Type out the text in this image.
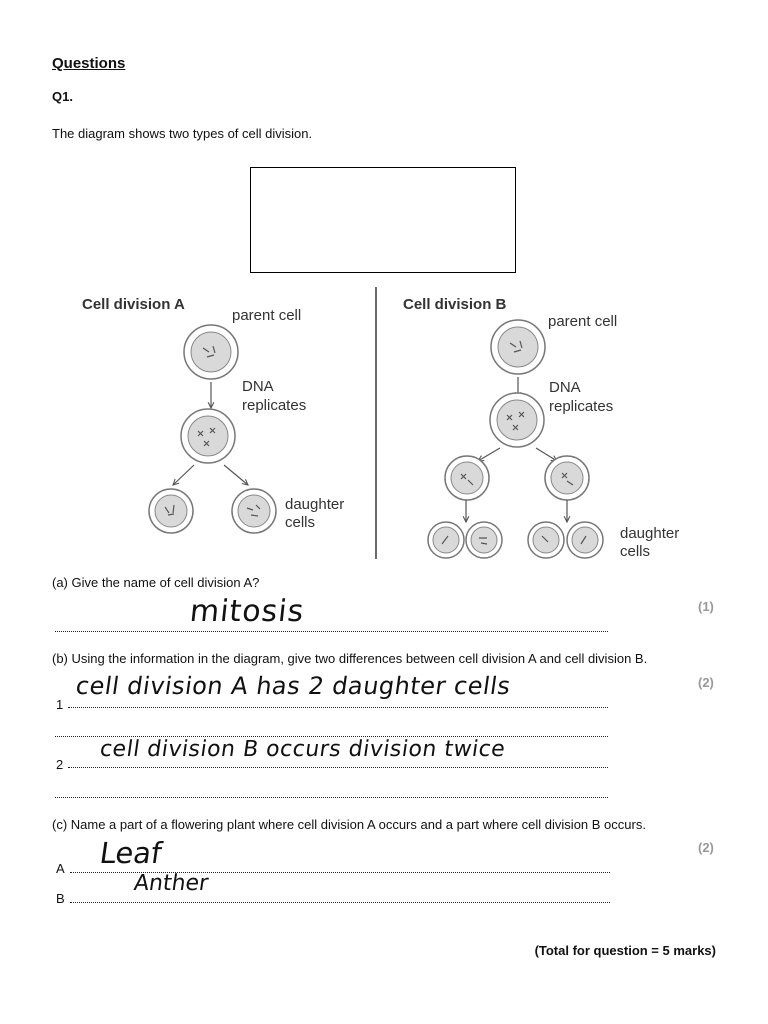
Questions
Q1.
The diagram shows two types of cell division.
Cell division A
parent cell
DNA
replicates
daughter
cells
Cell division B
parent cell
DNA
replicates
daughter
cells
(a) Give the name of cell division A?
(1)
mitosis
(b) Using the information in the diagram, give two differences between cell division A and cell division B.
(2)
1
cell division A has 2 daughter cells
2
cell division B occurs division twice
(c) Name a part of a flowering plant where cell division A occurs and a part where cell division B occurs.
(2)
A Leaf
B
Anther
(Total for question = 5 marks)
